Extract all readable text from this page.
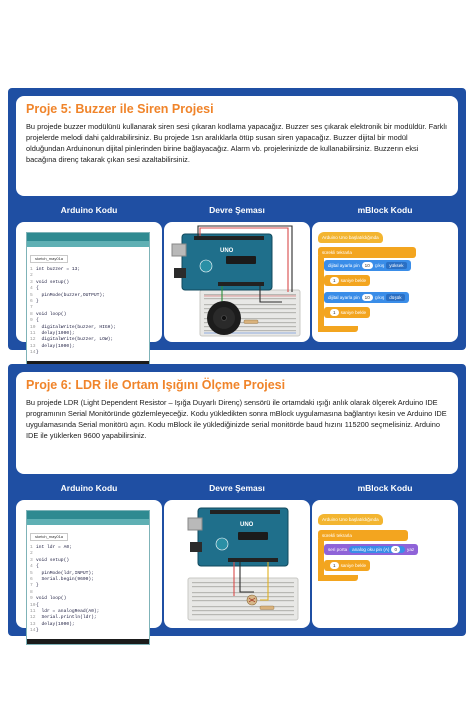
Proje 5: Buzzer ile Siren Projesi
Bu projede buzzer modülünü kullanarak siren sesi çıkaran kodlama yapacağız. Buzzer ses çıkarak elektronik bir modüldür. Farklı projelerde melodi dahi çaldırabilirsiniz. Bu projede 1sn aralıklarla ötüp susan siren yapacağız. Buzzer dijital bir modül olduğundan Arduinonun dijital pinlerinden birine bağlayacağız. Alarm vb. projelerinizde de kullanabilirsiniz. Buzzerın eksi bacağına direnç takarak çıkan sesi azaltabilirsiniz.
Arduino Kodu	Devre Şeması	mBlock Kodu
sketch_may01a
1 int buzzer = 13;
2
3 void setup()
4 {
5  pinMode(buzzer,OUTPUT);
6 }
7
8 void loop()
9 {
10  digitalWrite(buzzer, HIGH);
11  delay(1000);
12  digitalWrite(buzzer, LOW);
13  delay(1000);
14}
UNO
Arduino Uno başlatıldığında
sürekli tekrarla
dijital ayarla pin 10 çıkış yüksek
1 saniye bekle
dijital ayarla pin 10 çıkış düşük
1 saniye bekle
Proje 6: LDR ile Ortam Işığını Ölçme Projesi
Bu projede LDR (Light Dependent Resistor – Işığa Duyarlı Direnç) sensörü ile ortamdaki ışığı anlık olarak ölçerek Arduino IDE programının Serial Monitöründe gözlemleyeceğiz. Kodu yükledikten sonra mBlock uygulamasına bağlantıyı kesin ve Arduino IDE uygulamasında Serial monitörü açın. Kodu mBlock ile yüklediğinizde serial monitörde baud hızını 115200 seçmelisiniz. Arduino IDE ile yüklerken 9600 yapabilirsiniz.
Arduino Kodu	Devre Şeması	mBlock Kodu
sketch_may01a
1 int ldr = A0;
2
3 void setup()
4 {
5  pinMode(ldr,INPUT);
6  Serial.begin(9600);
7 }
8
9 void loop()
10{
11  ldr = analogRead(A0);
12  Serial.println(ldr);
13  delay(1000);
14}
UNO
Arduino Uno başlatıldığında
sürekli tekrarla
seri porta analog oku pin (A) 0 yaz
1 saniye bekle
